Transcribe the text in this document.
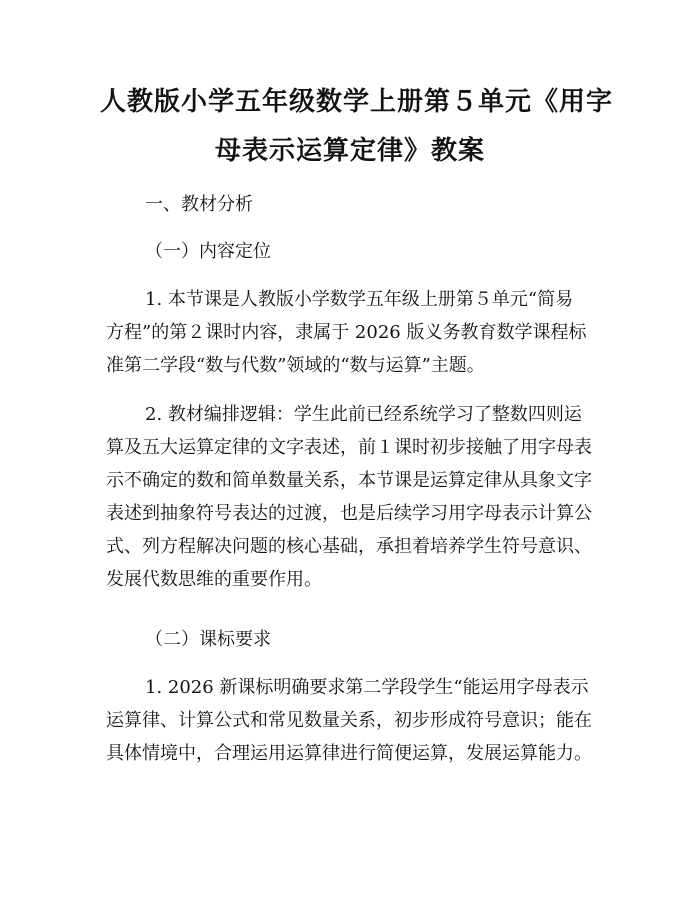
人教版小学五年级数学上册第５单元《用字
母表示运算定律》教案

一、教材分析

（一）内容定位

1. 本节课是人教版小学数学五年级上册第５单元“简易

方程”的第２课时内容，隶属于 2026 版义务教育数学课程标

准第二学段“数与代数”领域的“数与运算”主题。

2. 教材编排逻辑：学生此前已经系统学习了整数四则运

算及五大运算定律的文字表述，前１课时初步接触了用字母表

示不确定的数和简单数量关系，本节课是运算定律从具象文字

表述到抽象符号表达的过渡，也是后续学习用字母表示计算公

式、列方程解决问题的核心基础，承担着培养学生符号意识、

发展代数思维的重要作用。

（二）课标要求

1. 2026 新课标明确要求第二学段学生“能运用字母表示

运算律、计算公式和常见数量关系，初步形成符号意识；能在

具体情境中，合理运用运算律进行简便运算，发展运算能力。
